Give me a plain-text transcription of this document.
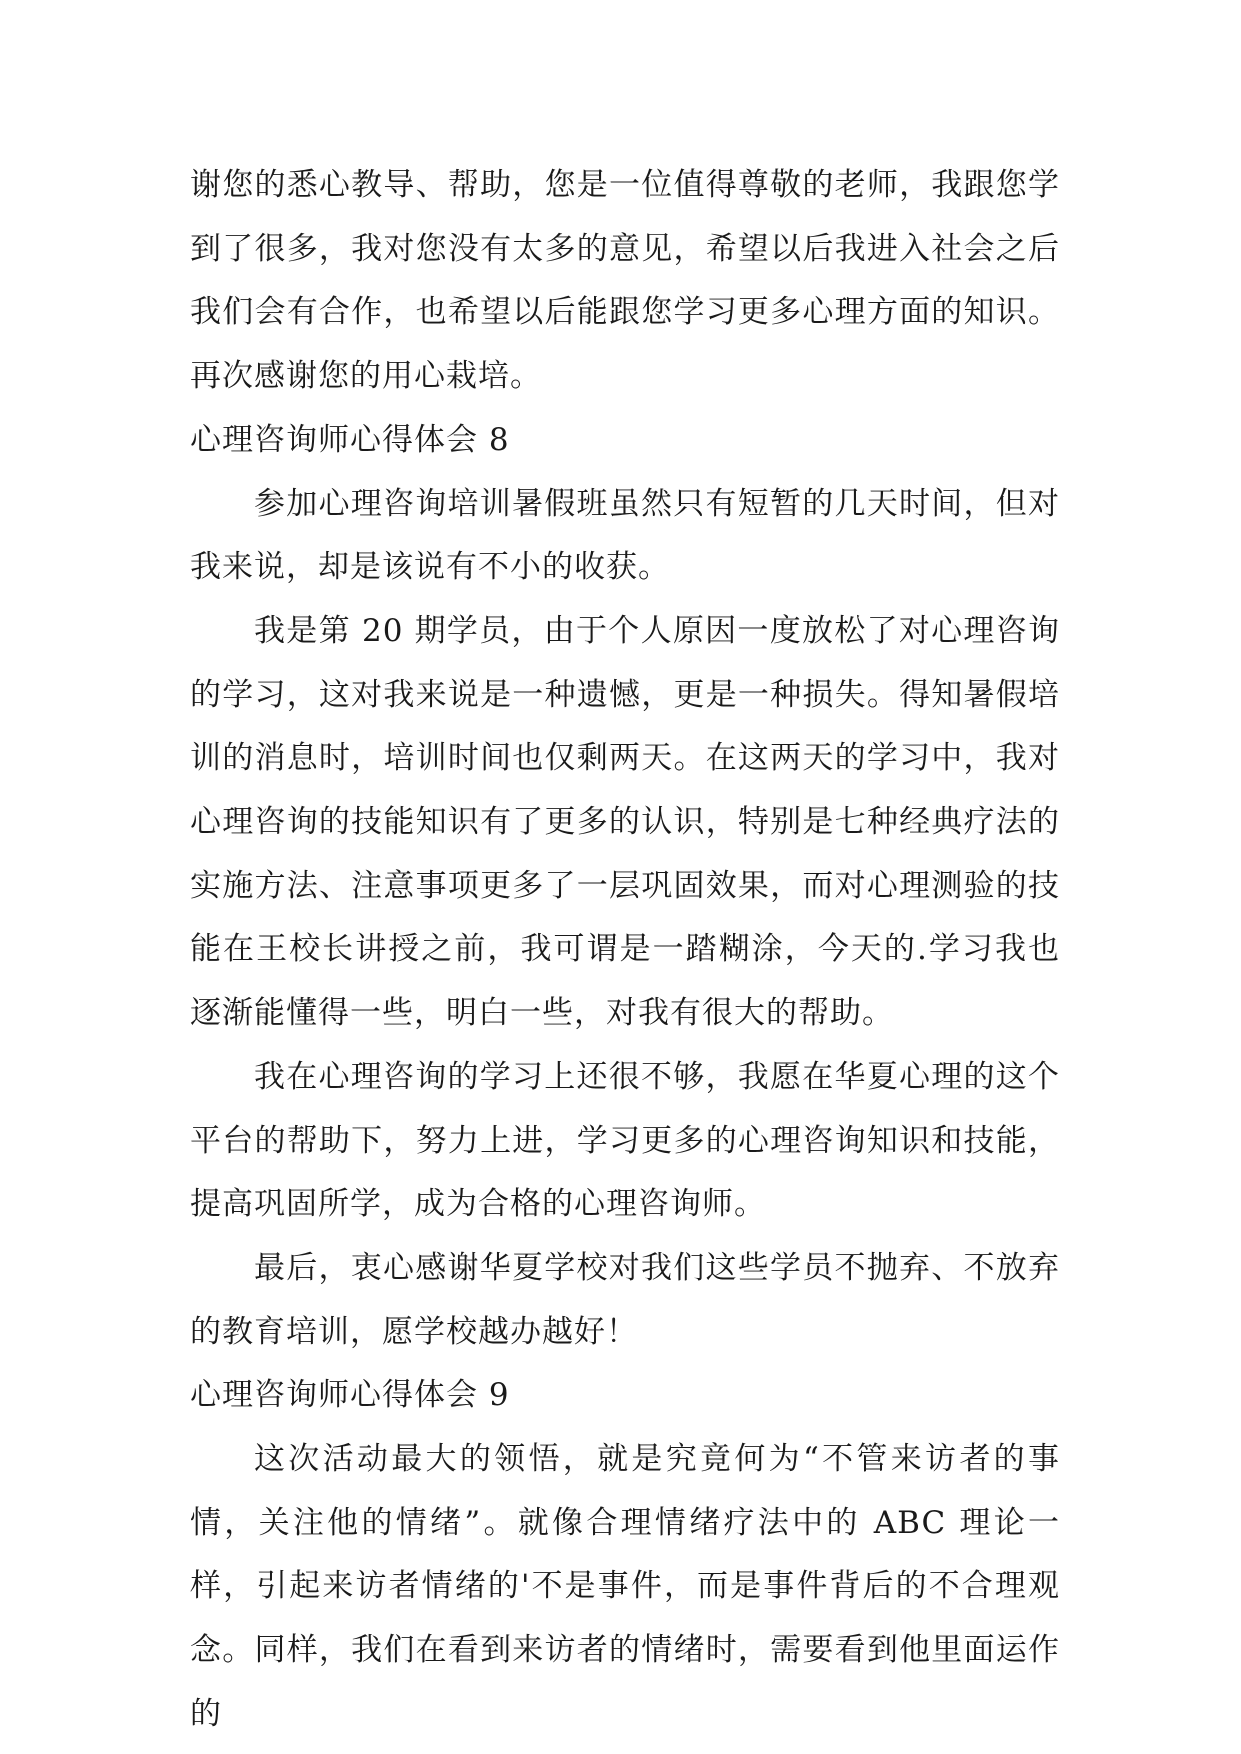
谢您的悉心教导、帮助，您是一位值得尊敬的老师，我跟您学到了很多，我对您没有太多的意见，希望以后我进入社会之后我们会有合作，也希望以后能跟您学习更多心理方面的知识。再次感谢您的用心栽培。

心理咨询师心得体会 8

参加心理咨询培训暑假班虽然只有短暂的几天时间，但对我来说，却是该说有不小的收获。

我是第 20 期学员，由于个人原因一度放松了对心理咨询的学习，这对我来说是一种遗憾，更是一种损失。得知暑假培训的消息时，培训时间也仅剩两天。在这两天的学习中，我对心理咨询的技能知识有了更多的认识，特别是七种经典疗法的实施方法、注意事项更多了一层巩固效果，而对心理测验的技能在王校长讲授之前，我可谓是一踏糊涂，今天的.学习我也逐渐能懂得一些，明白一些，对我有很大的帮助。

我在心理咨询的学习上还很不够，我愿在华夏心理的这个平台的帮助下，努力上进，学习更多的心理咨询知识和技能，提高巩固所学，成为合格的心理咨询师。

最后，衷心感谢华夏学校对我们这些学员不抛弃、不放弃的教育培训，愿学校越办越好！

心理咨询师心得体会 9

这次活动最大的领悟，就是究竟何为“不管来访者的事情，关注他的情绪”。就像合理情绪疗法中的 ABC 理论一样，引起来访者情绪的'不是事件，而是事件背后的不合理观念。同样，我们在看到来访者的情绪时，需要看到他里面运作的
